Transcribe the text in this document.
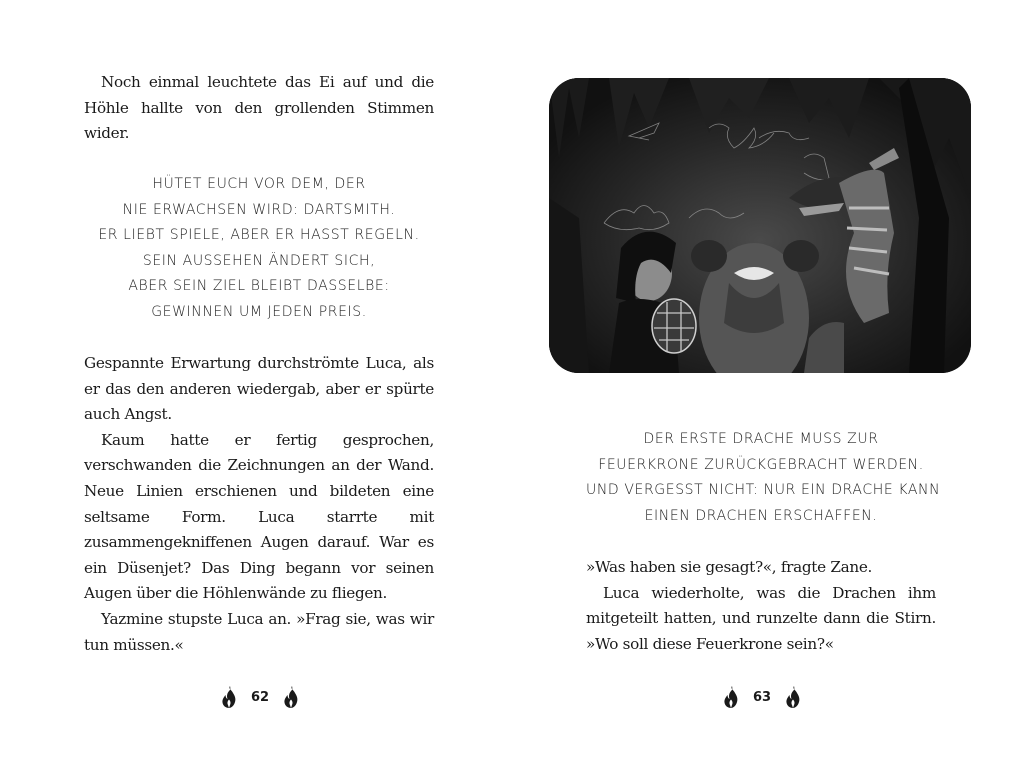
Noch einmal leuchtete das Ei auf und die Höhle hallte von den grollenden Stimmen wider.

HÜTET EUCH VOR DEM, DER
NIE ERWACHSEN WIRD: DARTSMITH.
ER LIEBT SPIELE, ABER ER HASST REGELN.
SEIN AUSSEHEN ÄNDERT SICH,
ABER SEIN ZIEL BLEIBT DASSELBE:
GEWINNEN UM JEDEN PREIS.

Gespannte Erwartung durchströmte Luca, als er das den anderen wiedergab, aber er spürte auch Angst.

Kaum hatte er fertig gesprochen, verschwanden die Zeichnungen an der Wand. Neue Linien erschienen und bildeten eine seltsame Form. Luca starrte mit zusammengekniffenen Augen darauf. War es ein Düsenjet? Das Ding begann vor seinen Augen über die Höhlenwände zu fliegen.

Yazmine stupste Luca an. »Frag sie, was wir tun müssen.«

62
DER ERSTE DRACHE MUSS ZUR
FEUERKRONE ZURÜCKGEBRACHT WERDEN.
UND VERGESST NICHT: NUR EIN DRACHE KANN
EINEN DRACHEN ERSCHAFFEN.

»Was haben sie gesagt?«, fragte Zane.

Luca wiederholte, was die Drachen ihm mitgeteilt hatten, und runzelte dann die Stirn. »Wo soll diese Feuerkrone sein?«

63
